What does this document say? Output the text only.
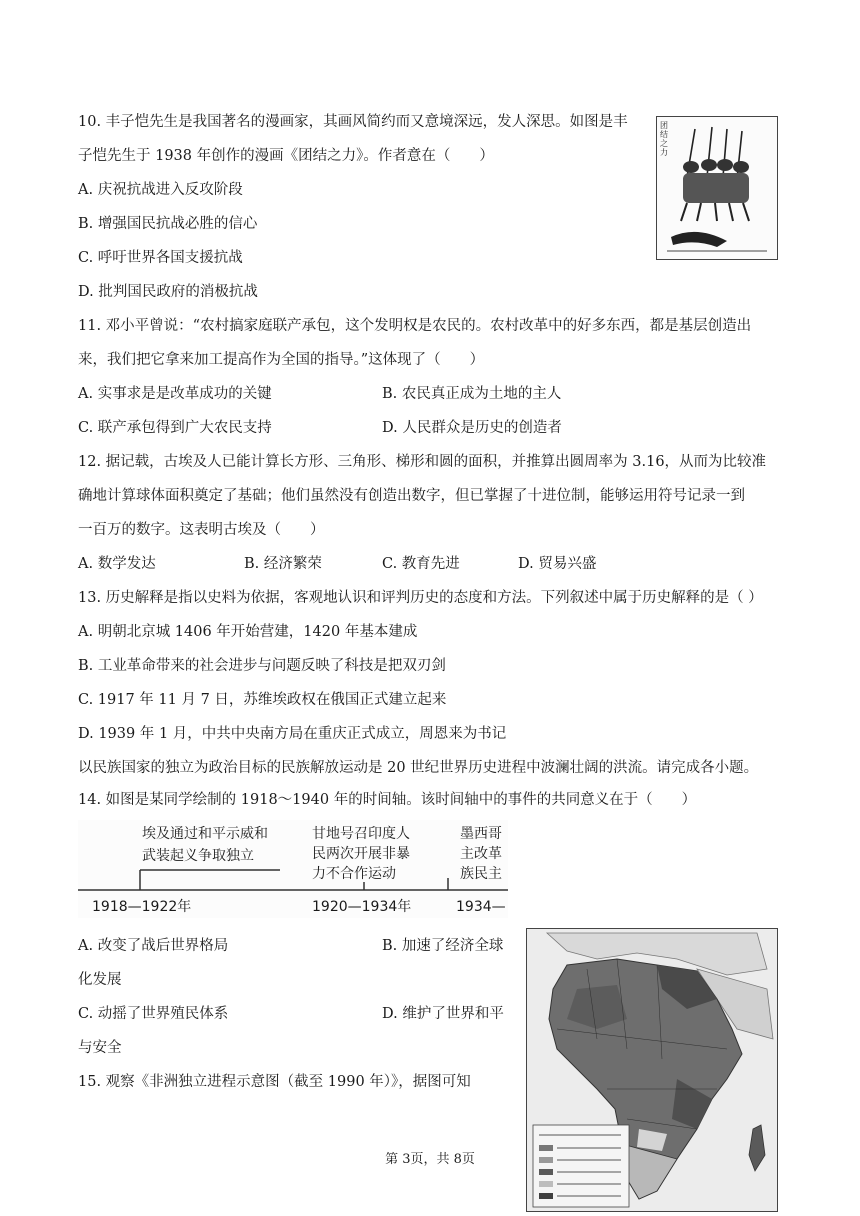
10. 丰子恺先生是我国著名的漫画家，其画风简约而又意境深远，发人深思。如图是丰
子恺先生于 1938 年创作的漫画《团结之力》。作者意在（　　）
A. 庆祝抗战进入反攻阶段
B. 增强国民抗战必胜的信心
C. 呼吁世界各国支援抗战
D. 批判国民政府的消极抗战
团结之力
11. 邓小平曾说：“农村搞家庭联产承包，这个发明权是农民的。农村改革中的好多东西，都是基层创造出
来，我们把它拿来加工提高作为全国的指导。”这体现了（　　）
A. 实事求是是改革成功的关键	B. 农民真正成为土地的主人
C. 联产承包得到广大农民支持	D. 人民群众是历史的创造者
12. 据记载，古埃及人已能计算长方形、三角形、梯形和圆的面积，并推算出圆周率为 3.16，从而为比较准
确地计算球体面积奠定了基础；他们虽然没有创造出数字，但已掌握了十进位制，能够运用符号记录一到
一百万的数字。这表明古埃及（　　）
A. 数学发达	B. 经济繁荣	C. 教育先进	D. 贸易兴盛
13. 历史解释是指以史料为依据，客观地认识和评判历史的态度和方法。下列叙述中属于历史解释的是（ ）
A. 明朝北京城 1406 年开始营建，1420 年基本建成
B. 工业革命带来的社会进步与问题反映了科技是把双刃剑
C. 1917 年 11 月 7 日，苏维埃政权在俄国正式建立起来
D. 1939 年 1 月，中共中央南方局在重庆正式成立，周恩来为书记
以民族国家的独立为政治目标的民族解放运动是 20 世纪世界历史进程中波澜壮阔的洪流。请完成各小题。
14. 如图是某同学绘制的 1918～1940 年的时间轴。该时间轴中的事件的共同意义在于（　　）
埃及通过和平示威和
武装起义争取独立
1918—1922年
甘地号召印度人
民两次开展非暴
力不合作运动
1920—1934年
墨西哥
主改革
族民主
1934—
A. 改变了战后世界格局	B. 加速了经济全球
化发展
C. 动摇了世界殖民体系	D. 维护了世界和平
与安全
15. 观察《非洲独立进程示意图（截至 1990 年）》，据图可知
第 3页，共 8页
